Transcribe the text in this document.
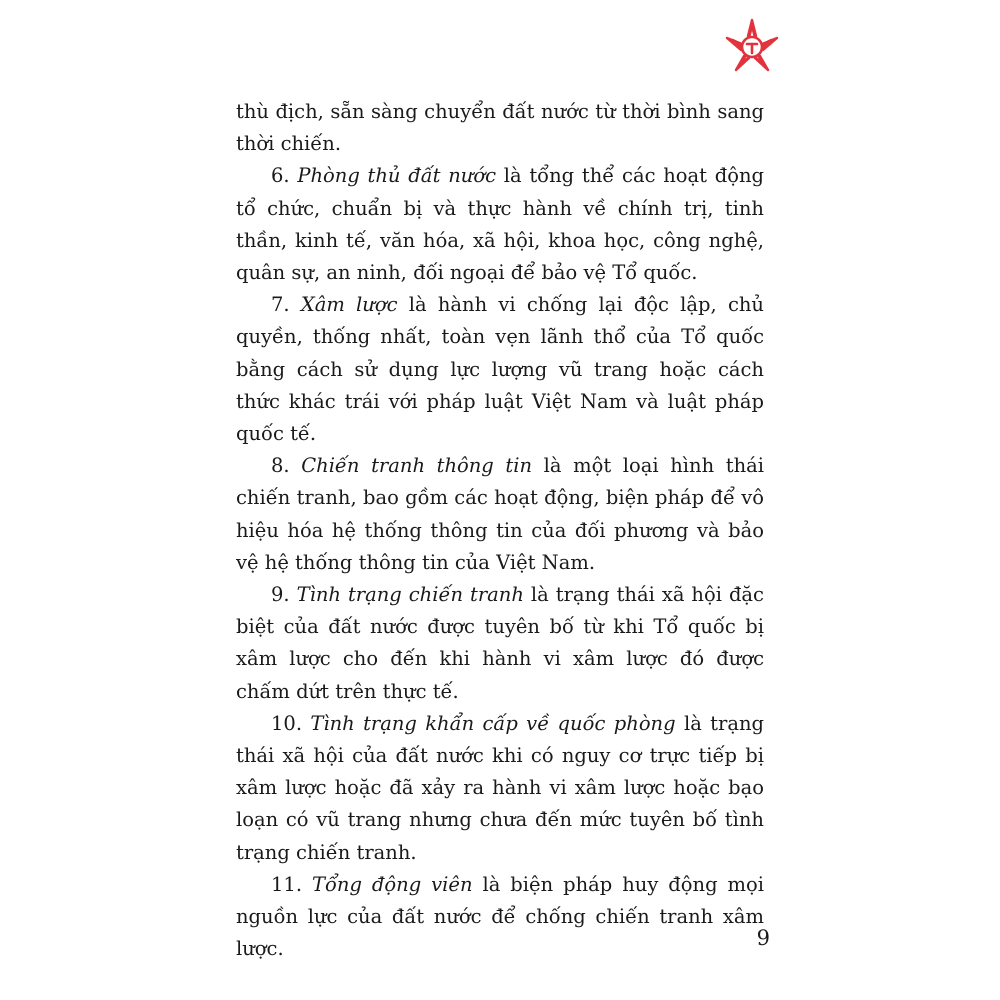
thù địch, sẵn sàng chuyển đất nước từ thời bình sang thời chiến.

6. Phòng thủ đất nước là tổng thể các hoạt động tổ chức, chuẩn bị và thực hành về chính trị, tinh thần, kinh tế, văn hóa, xã hội, khoa học, công nghệ, quân sự, an ninh, đối ngoại để bảo vệ Tổ quốc.

7. Xâm lược là hành vi chống lại độc lập, chủ quyền, thống nhất, toàn vẹn lãnh thổ của Tổ quốc bằng cách sử dụng lực lượng vũ trang hoặc cách thức khác trái với pháp luật Việt Nam và luật pháp quốc tế.

8. Chiến tranh thông tin là một loại hình thái chiến tranh, bao gồm các hoạt động, biện pháp để vô hiệu hóa hệ thống thông tin của đối phương và bảo vệ hệ thống thông tin của Việt Nam.

9. Tình trạng chiến tranh là trạng thái xã hội đặc biệt của đất nước được tuyên bố từ khi Tổ quốc bị xâm lược cho đến khi hành vi xâm lược đó được chấm dứt trên thực tế.

10. Tình trạng khẩn cấp về quốc phòng là trạng thái xã hội của đất nước khi có nguy cơ trực tiếp bị xâm lược hoặc đã xảy ra hành vi xâm lược hoặc bạo loạn có vũ trang nhưng chưa đến mức tuyên bố tình trạng chiến tranh.

11. Tổng động viên là biện pháp huy động mọi nguồn lực của đất nước để chống chiến tranh xâm lược.	9
